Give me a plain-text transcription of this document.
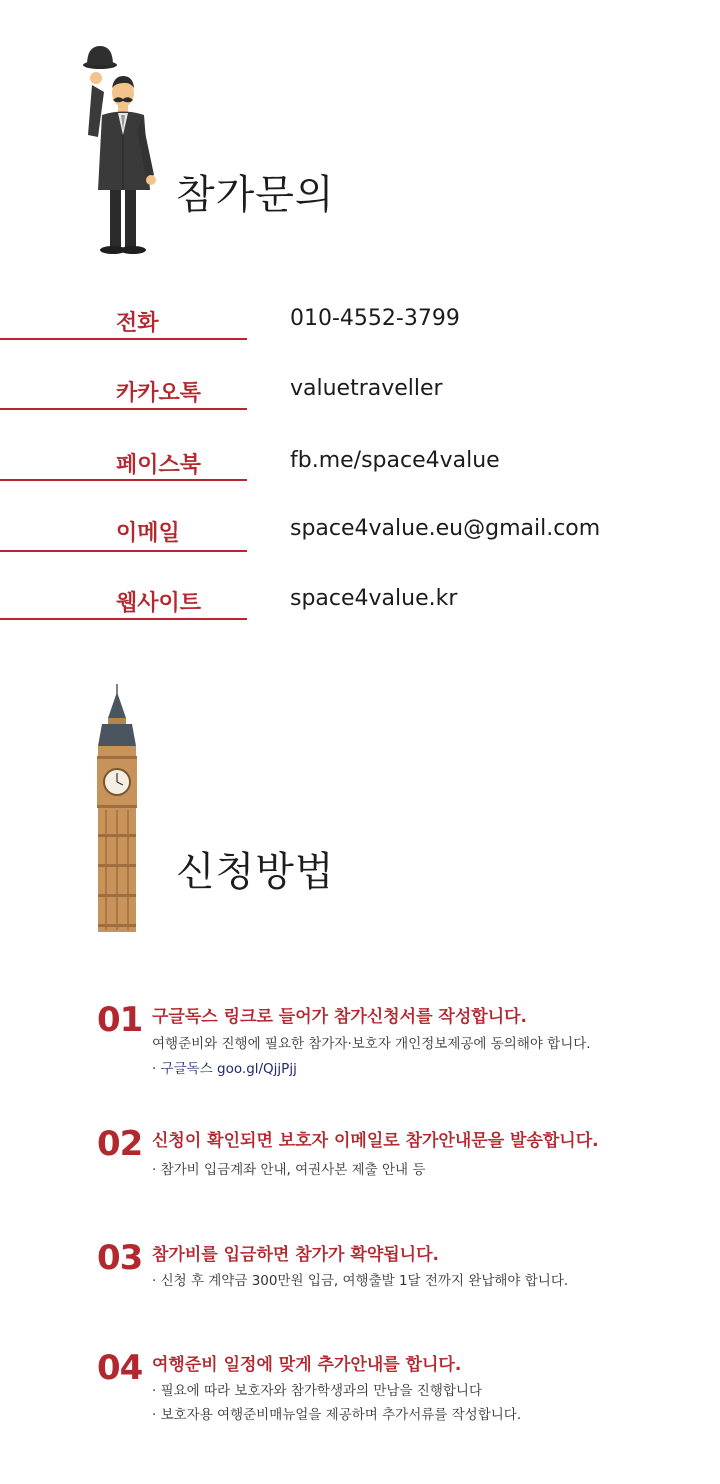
참가문의
전화	010-4552-3799
카카오톡	valuetraveller
페이스북	fb.me/space4value
이메일	space4value.eu@gmail.com
웹사이트	space4value.kr
신청방법
01 구글독스 링크로 들어가 참가신청서를 작성합니다.
여행준비와 진행에 필요한 참가자·보호자 개인정보제공에 동의해야 합니다.
· 구글독스 goo.gl/QjjPjj
02 신청이 확인되면 보호자 이메일로 참가안내문을 발송합니다.
· 참가비 입금계좌 안내, 여권사본 제출 안내 등
03 참가비를 입금하면 참가가 확약됩니다.
· 신청 후 계약금 300만원 입금, 여행출발 1달 전까지 완납해야 합니다.
04 여행준비 일정에 맞게 추가안내를 합니다.
· 필요에 따라 보호자와 참가학생과의 만남을 진행합니다
· 보호자용 여행준비매뉴얼을 제공하며 추가서류를 작성합니다.
